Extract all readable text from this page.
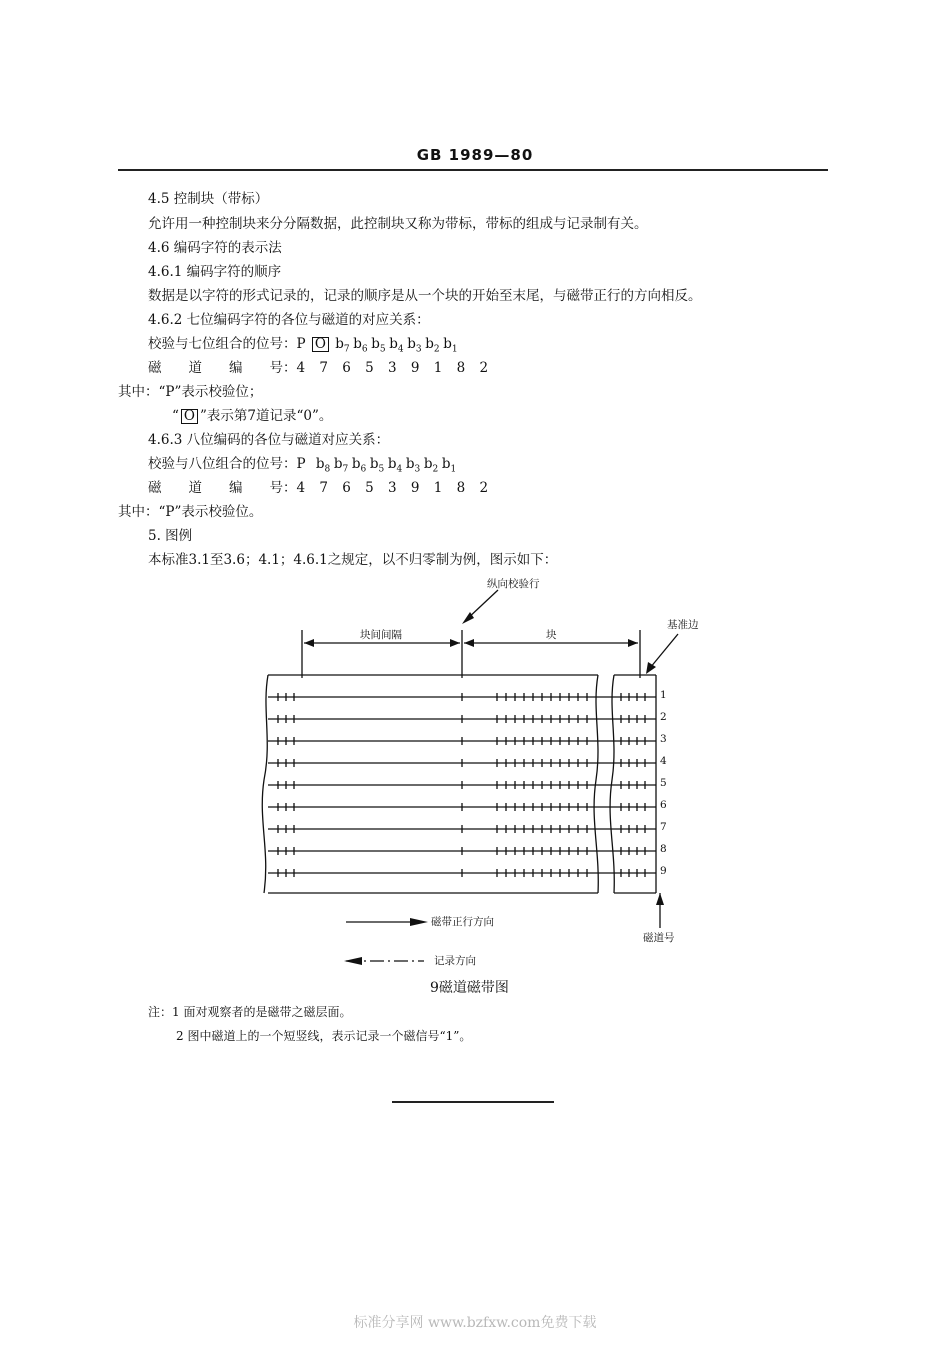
GB 1989—80
4.5 控制块（带标）
允许用一种控制块来分分隔数据，此控制块又称为带标，带标的组成与记录制有关。
4.6 编码字符的表示法
4.6.1 编码字符的顺序
数据是以字符的形式记录的，记录的顺序是从一个块的开始至末尾，与磁带正行的方向相反。
4.6.2 七位编码字符的各位与磁道的对应关系：
校验与七位组合的位号：P O $b_7$ $b_6$ $b_5$ $b_4$ $b_3$ $b_2$ $b_1$
磁　　道　　编　　号：4 7 6 5 3 9 1 8 2
其中：“P”表示校验位；
“ O ”表示第7道记录“0”。
4.6.3 八位编码的各位与磁道对应关系：
校验与八位组合的位号：P $b_8$ $b_7$ $b_6$ $b_5$ $b_4$ $b_3$ $b_2$ $b_1$
磁　　道　　编　　号：4 7 6 5 3 9 1 8 2
其中：“P”表示校验位。
5. 图例
本标准3.1至3.6；4.1；4.6.1之规定，以不归零制为例，图示如下：
纵向校验行
块间间隔	块
基准边
磁带正行方向
记录方向
磁道号
1
2
3
4
5
6
7
8
9
9磁道磁带图
注：1 面对观察者的是磁带之磁层面。
2 图中磁道上的一个短竖线，表示记录一个磁信号“1”。
标准分享网 www.bzfxw.com免费下载
